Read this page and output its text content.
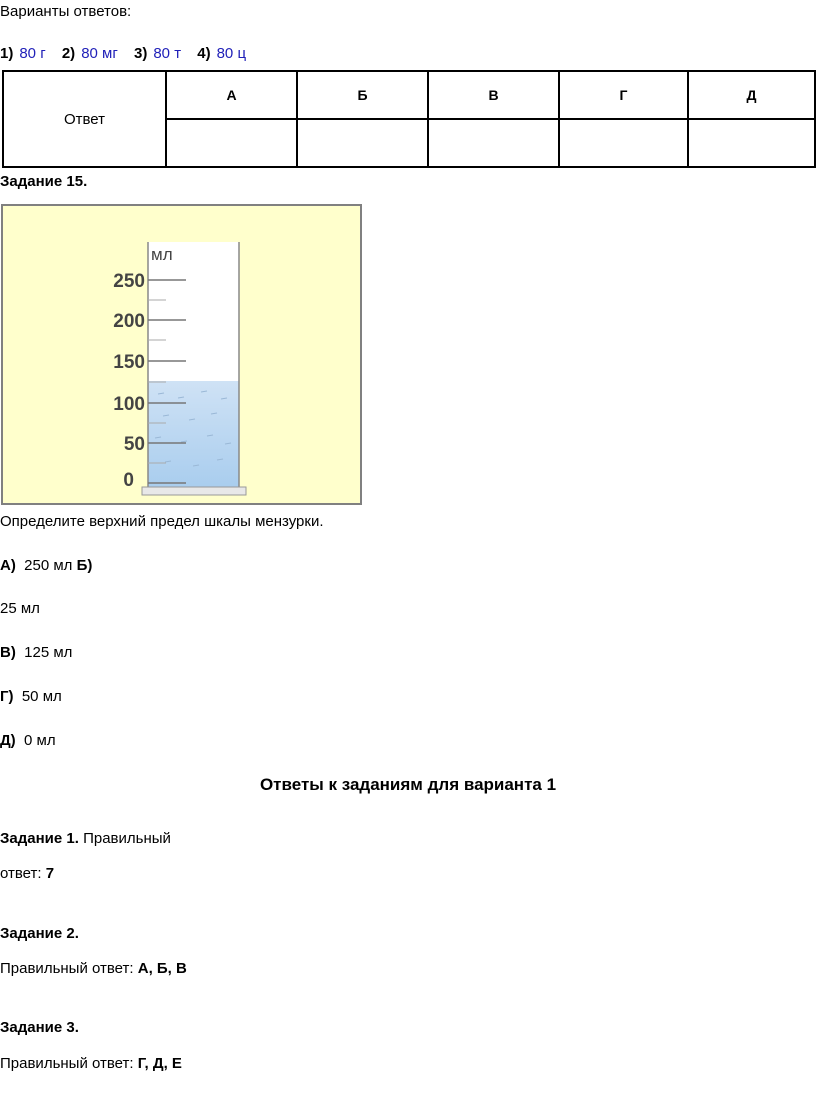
Варианты ответов:
1) 80 г 2) 80 мг 3) 80 т 4) 80 ц
Ответ	А	Б	В	Г	Д

Задание 15.
мл
250
200
150
100
50
0
Определите верхний предел шкалы мензурки.
А) 250 мл Б)
25 мл
В) 125 мл
Г) 50 мл
Д) 0 мл
Ответы к заданиям для варианта 1
Задание 1. Правильный
ответ: 7
Задание 2.
Правильный ответ: А, Б, В
Задание 3.
Правильный ответ: Г, Д, Е
